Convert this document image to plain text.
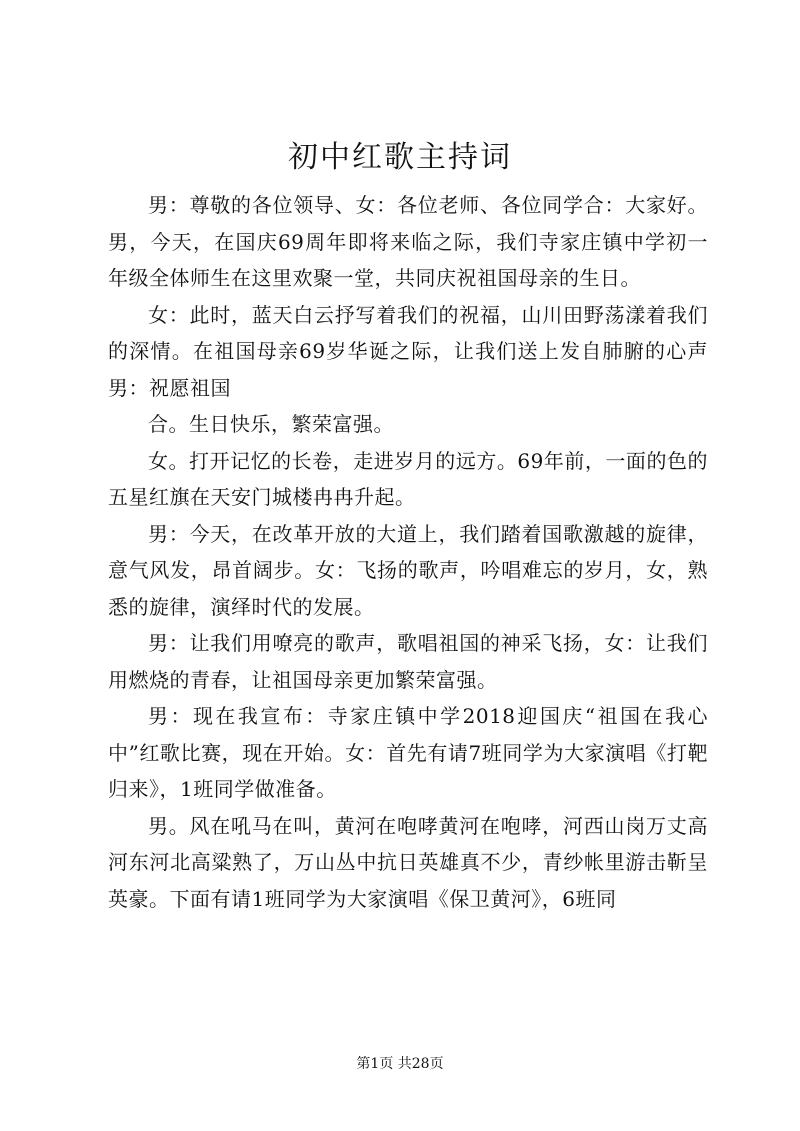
初中红歌主持词

男：尊敬的各位领导、女：各位老师、各位同学合：大家好。男，今天，在国庆69周年即将来临之际，我们寺家庄镇中学初一年级全体师生在这里欢聚一堂，共同庆祝祖国母亲的生日。

女：此时，蓝天白云抒写着我们的祝福，山川田野荡漾着我们的深情。在祖国母亲69岁华诞之际，让我们送上发自肺腑的心声男：祝愿祖国

合。生日快乐，繁荣富强。

女。打开记忆的长卷，走进岁月的远方。69年前，一面的色的五星红旗在天安门城楼冉冉升起。

男：今天，在改革开放的大道上，我们踏着国歌激越的旋律，意气风发，昂首阔步。女：飞扬的歌声，吟唱难忘的岁月，女，熟悉的旋律，演绎时代的发展。

男：让我们用嘹亮的歌声，歌唱祖国的神采飞扬，女：让我们用燃烧的青春，让祖国母亲更加繁荣富强。

男：现在我宣布：寺家庄镇中学2018迎国庆“祖国在我心中”红歌比赛，现在开始。女：首先有请7班同学为大家演唱《打靶归来》，1班同学做准备。

男。风在吼马在叫，黄河在咆哮黄河在咆哮，河西山岗万丈高河东河北高粱熟了，万山丛中抗日英雄真不少，青纱帐里游击靳呈英豪。下面有请1班同学为大家演唱《保卫黄河》，6班同

第1页 共28页
